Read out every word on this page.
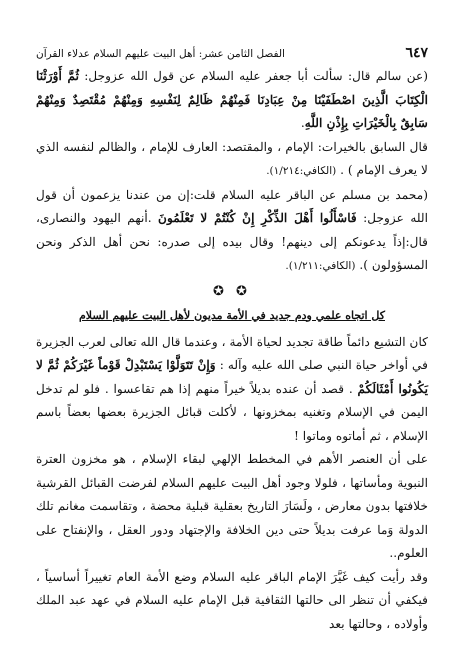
٦٤٧
الفصل الثامن عشر: أهل البيت عليهم السلام عدلاء القرآن

(عن سالم قال: سألت أبا جعفر عليه السلام عن قول الله عزوجل: ثُمَّ أَوْرَثْنَا الْكِتَابَ الَّذِينَ اصْطَفَيْنَا مِنْ عِبَادِنَا فَمِنْهُمْ ظَالِمٌ لِنَفْسِهِ وَمِنْهُمْ مُقْتَصِدٌ وَمِنْهُمْ سَابِقٌ بِالْخَيْرَاتِ بِإِذْنِ اللَّهِ.

قال السابق بالخيرات: الإمام ، والمقتصد: العارف للإمام ، والظالم لنفسه الذي لا يعرف الإمام ) . (الكافي:١/٢١٤).

(محمد بن مسلم عن الباقر عليه السلام قلت:إن من عندنا يزعمون أن قول الله عزوجل: فَاسْأَلُوا أَهْلَ الذِّكْرِ إِنْ كُنْتُمْ لا تَعْلَمُونَ .أنهم اليهود والنصارى، قال:إذاً يدعونكم إلى دينهم! وقال بيده إلى صدره: نحن أهل الذكر ونحن المسؤولون ). (الكافي:١/٢١١).

✪ ✪
كل اتجاه علمي ودم جديد في الأمة مديون لأهل البيت عليهم السلام

كان التشيع دائماً طاقة تجديد لحياة الأمة ، وعندما قال الله تعالى لعرب الجزيرة في أواخر حياة النبي صلى الله عليه وآله : وَإِنْ تَتَوَلَّوْا يَسْتَبْدِلْ قَوْماً غَيْرَكُمْ ثُمَّ لا يَكُونُوا أَمْثَالَكُمْ . قصد أن عنده بديلاً خيراً منهم إذا هم تقاعسوا . فلو لم تدخل اليمن في الإسلام وتغنيه بمخزونها ، لأكلت قبائل الجزيرة بعضها بعضاً باسم الإسلام ، ثم أماتوه وماتوا !

على أن العنصر الأهم في المخطط الإلهي لبقاء الإسلام ، هو مخزون العترة النبوية ومأساتها ، فلولا وجود أهل البيت عليهم السلام لفرضت القبائل القرشية خلافتها بدون معارض ، ولَسَارَ التاريخ بعقلية قبلية محضة ، وتقاسمت مغانم تلك الدولة وَما عرفت بديلاً حتى دين الخلافة والإجتهاد ودور العقل ، والإنفتاح على العلوم..

وقد رأيت كيف غَيَّرَ الإمام الباقر عليه السلام وضع الأمة العام تغييراً أساسياً ، فيكفي أن تنظر الى حالتها الثقافية قبل الإمام عليه السلام في عهد عبد الملك وأولاده ، وحالتها بعد
